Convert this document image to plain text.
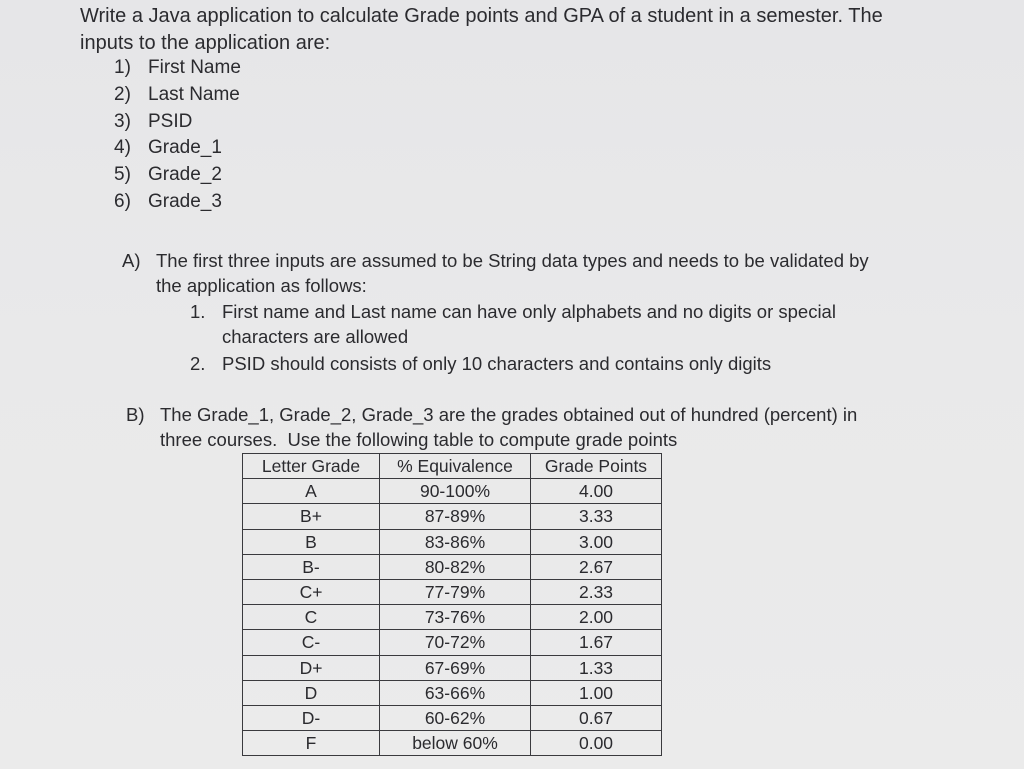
Write a Java application to calculate Grade points and GPA of a student in a semester. The
inputs to the application are:
1) First Name
2) Last Name
3) PSID
4) Grade_1
5) Grade_2
6) Grade_3
A) The first three inputs are assumed to be String data types and needs to be validated by
the application as follows:
1. First name and Last name can have only alphabets and no digits or special
characters are allowed
2. PSID should consists of only 10 characters and contains only digits
B) The Grade_1, Grade_2, Grade_3 are the grades obtained out of hundred (percent) in
three courses.  Use the following table to compute grade points
Letter Grade	% Equivalence	Grade Points
A	90-100%	4.00
B+	87-89%	3.33
B	83-86%	3.00
B-	80-82%	2.67
C+	77-79%	2.33
C	73-76%	2.00
C-	70-72%	1.67
D+	67-69%	1.33
D	63-66%	1.00
D-	60-62%	0.67
F	below 60%	0.00
